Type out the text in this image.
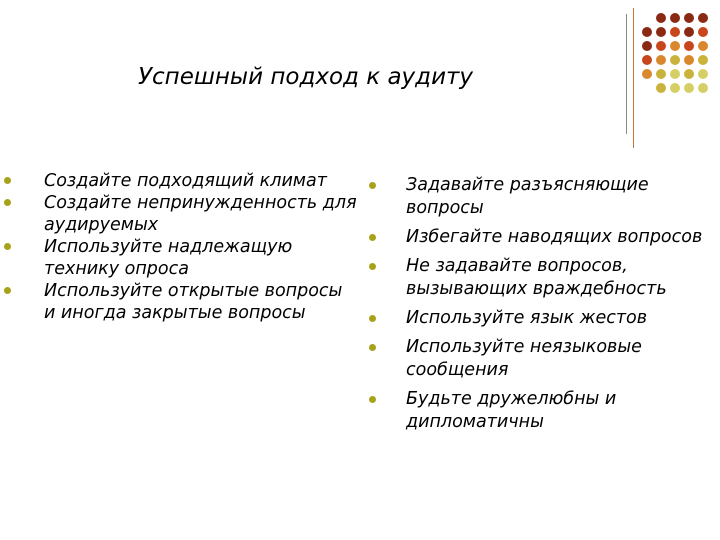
Успешный подход к аудиту
Создайте подходящий климат
Создайте непринужденность для аудируемых
Используйте надлежащую технику опроса
Используйте открытые вопросы и иногда закрытые вопросы
Задавайте разъясняющие вопросы
Избегайте наводящих вопросов
Не задавайте вопросов, вызывающих враждебность
Используйте язык жестов
Используйте неязыковые сообщения
Будьте дружелюбны и дипломатичны
